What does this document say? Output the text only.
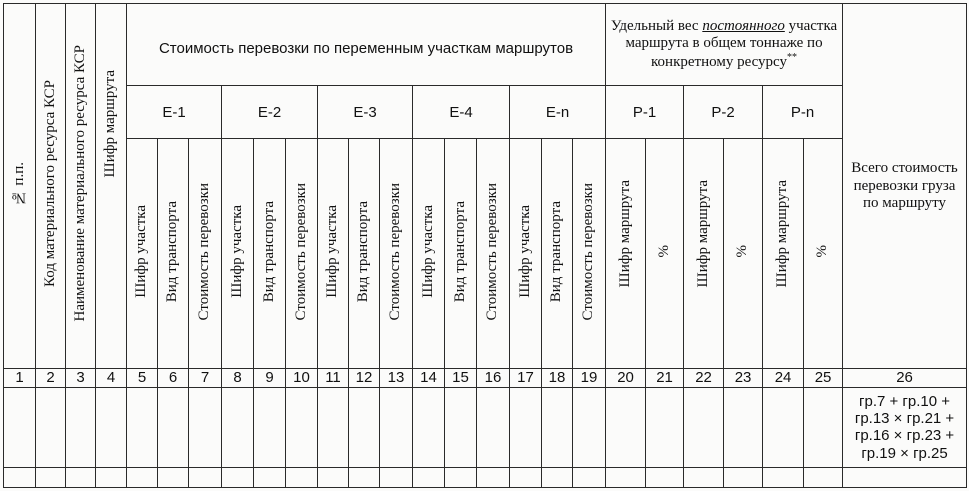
№ п.п.	Код материального ресурса КСР	Наименование материального ресурса КСР	Шифр маршрута	Стоимость перевозки по переменным участкам маршрутов															Удельный вес постоянного участка маршрута в общем тоннаже по конкретному ресурсу**						Всего стоимость перевозки груза по маршруту
				Е-1			Е-2			Е-3			Е-4			Е-n			Р-1		Р-2		Р-n		
				Шифр участка	Вид транспорта	Стоимость перевозки	Шифр участка	Вид транспорта	Стоимость перевозки	Шифр участка	Вид транспорта	Стоимость перевозки	Шифр участка	Вид транспорта	Стоимость перевозки	Шифр участка	Вид транспорта	Стоимость перевозки	Шифр маршрута	%	Шифр маршрута	%	Шифр маршрута	%	
1	2	3	4	5	6	7	8	9	10	11	12	13	14	15	16	17	18	19	20	21	22	23	24	25	26

																									гр.7 + гр.10 +
гр.13 × гр.21 +
гр.16 × гр.23 +
гр.19 × гр.25
